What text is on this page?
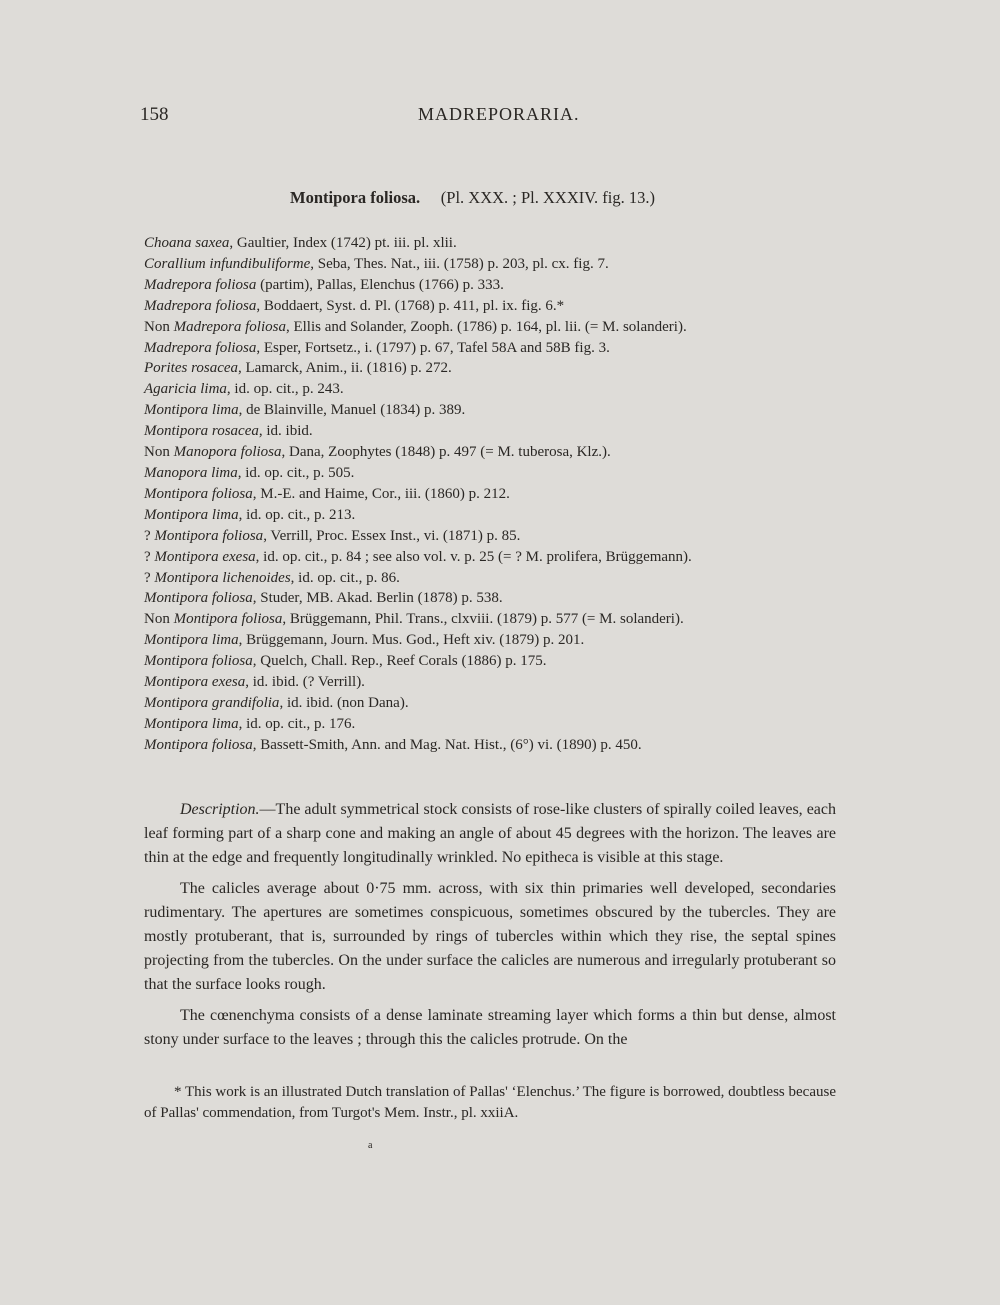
158	MADREPORARIA.
Montipora foliosa. (Pl. XXX. ; Pl. XXXIV. fig. 13.)
Choana saxea, Gaultier, Index (1742) pt. iii. pl. xlii.
Corallium infundibuliforme, Seba, Thes. Nat., iii. (1758) p. 203, pl. cx. fig. 7.
Madrepora foliosa (partim), Pallas, Elenchus (1766) p. 333.
Madrepora foliosa, Boddaert, Syst. d. Pl. (1768) p. 411, pl. ix. fig. 6.*
Non Madrepora foliosa, Ellis and Solander, Zooph. (1786) p. 164, pl. lii. (= M. solanderi).
Madrepora foliosa, Esper, Fortsetz., i. (1797) p. 67, Tafel 58A and 58B fig. 3.
Porites rosacea, Lamarck, Anim., ii. (1816) p. 272.
Agaricia lima, id. op. cit., p. 243.
Montipora lima, de Blainville, Manuel (1834) p. 389.
Montipora rosacea, id. ibid.
Non Manopora foliosa, Dana, Zoophytes (1848) p. 497 (= M. tuberosa, Klz.).
Manopora lima, id. op. cit., p. 505.
Montipora foliosa, M.-E. and Haime, Cor., iii. (1860) p. 212.
Montipora lima, id. op. cit., p. 213.
? Montipora foliosa, Verrill, Proc. Essex Inst., vi. (1871) p. 85.
? Montipora exesa, id. op. cit., p. 84 ; see also vol. v. p. 25 (= ? M. prolifera, Brüggemann).
? Montipora lichenoides, id. op. cit., p. 86.
Montipora foliosa, Studer, MB. Akad. Berlin (1878) p. 538.
Non Montipora foliosa, Brüggemann, Phil. Trans., clxviii. (1879) p. 577 (= M. solanderi).
Montipora lima, Brüggemann, Journ. Mus. God., Heft xiv. (1879) p. 201.
Montipora foliosa, Quelch, Chall. Rep., Reef Corals (1886) p. 175.
Montipora exesa, id. ibid. (? Verrill).
Montipora grandifolia, id. ibid. (non Dana).
Montipora lima, id. op. cit., p. 176.
Montipora foliosa, Bassett-Smith, Ann. and Mag. Nat. Hist., (6°) vi. (1890) p. 450.

Description.—The adult symmetrical stock consists of rose-like clusters of spirally coiled leaves, each leaf forming part of a sharp cone and making an angle of about 45 degrees with the horizon. The leaves are thin at the edge and frequently longitudinally wrinkled. No epitheca is visible at this stage.

The calicles average about 0·75 mm. across, with six thin primaries well developed, secondaries rudimentary. The apertures are sometimes conspicuous, sometimes obscured by the tubercles. They are mostly protuberant, that is, surrounded by rings of tubercles within which they rise, the septal spines projecting from the tubercles. On the under surface the calicles are numerous and irregularly protuberant so that the surface looks rough.

The cœnenchyma consists of a dense laminate streaming layer which forms a thin but dense, almost stony under surface to the leaves ; through this the calicles protrude. On the

* This work is an illustrated Dutch translation of Pallas' ‘Elenchus.’ The figure is borrowed, doubtless because of Pallas' commendation, from Turgot's Mem. Instr., pl. xxiiA.

a
